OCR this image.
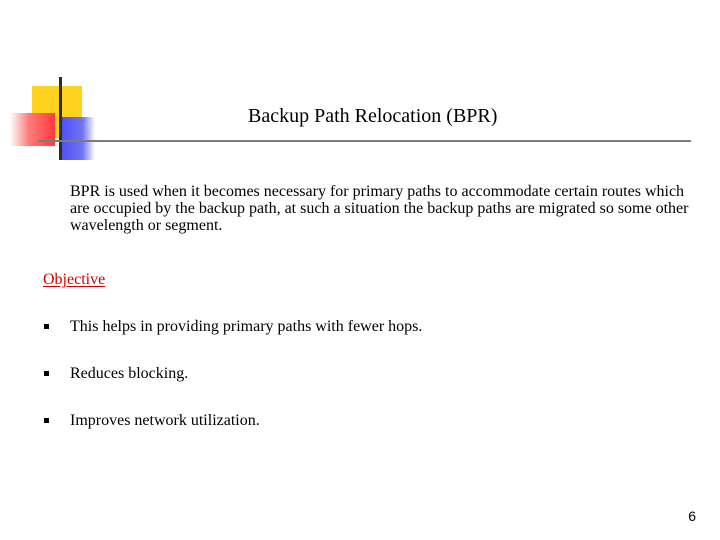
Backup Path Relocation (BPR)
BPR is used when it becomes necessary for primary paths to accommodate certain routes which are occupied by the backup path, at such a situation the backup paths are migrated so some other wavelength or segment.
Objective
This helps in providing primary paths with fewer hops.
Reduces blocking.
Improves network utilization.
6
